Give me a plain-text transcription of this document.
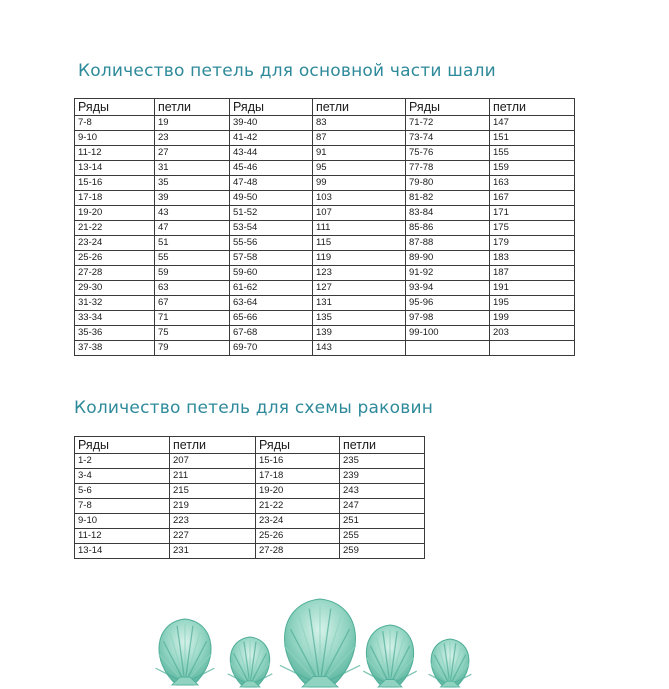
Количество петель для основной части шали
Ряды	петли	Ряды	петли	Ряды	петли
7-8	19	39-40	83	71-72	147
9-10	23	41-42	87	73-74	151
11-12	27	43-44	91	75-76	155
13-14	31	45-46	95	77-78	159
15-16	35	47-48	99	79-80	163
17-18	39	49-50	103	81-82	167
19-20	43	51-52	107	83-84	171
21-22	47	53-54	111	85-86	175
23-24	51	55-56	115	87-88	179
25-26	55	57-58	119	89-90	183
27-28	59	59-60	123	91-92	187
29-30	63	61-62	127	93-94	191
31-32	67	63-64	131	95-96	195
33-34	71	65-66	135	97-98	199
35-36	75	67-68	139	99-100	203
37-38	79	69-70	143		
Количество петель для схемы раковин
Ряды	петли	Ряды	петли
1-2	207	15-16	235
3-4	211	17-18	239
5-6	215	19-20	243
7-8	219	21-22	247
9-10	223	23-24	251
11-12	227	25-26	255
13-14	231	27-28	259
